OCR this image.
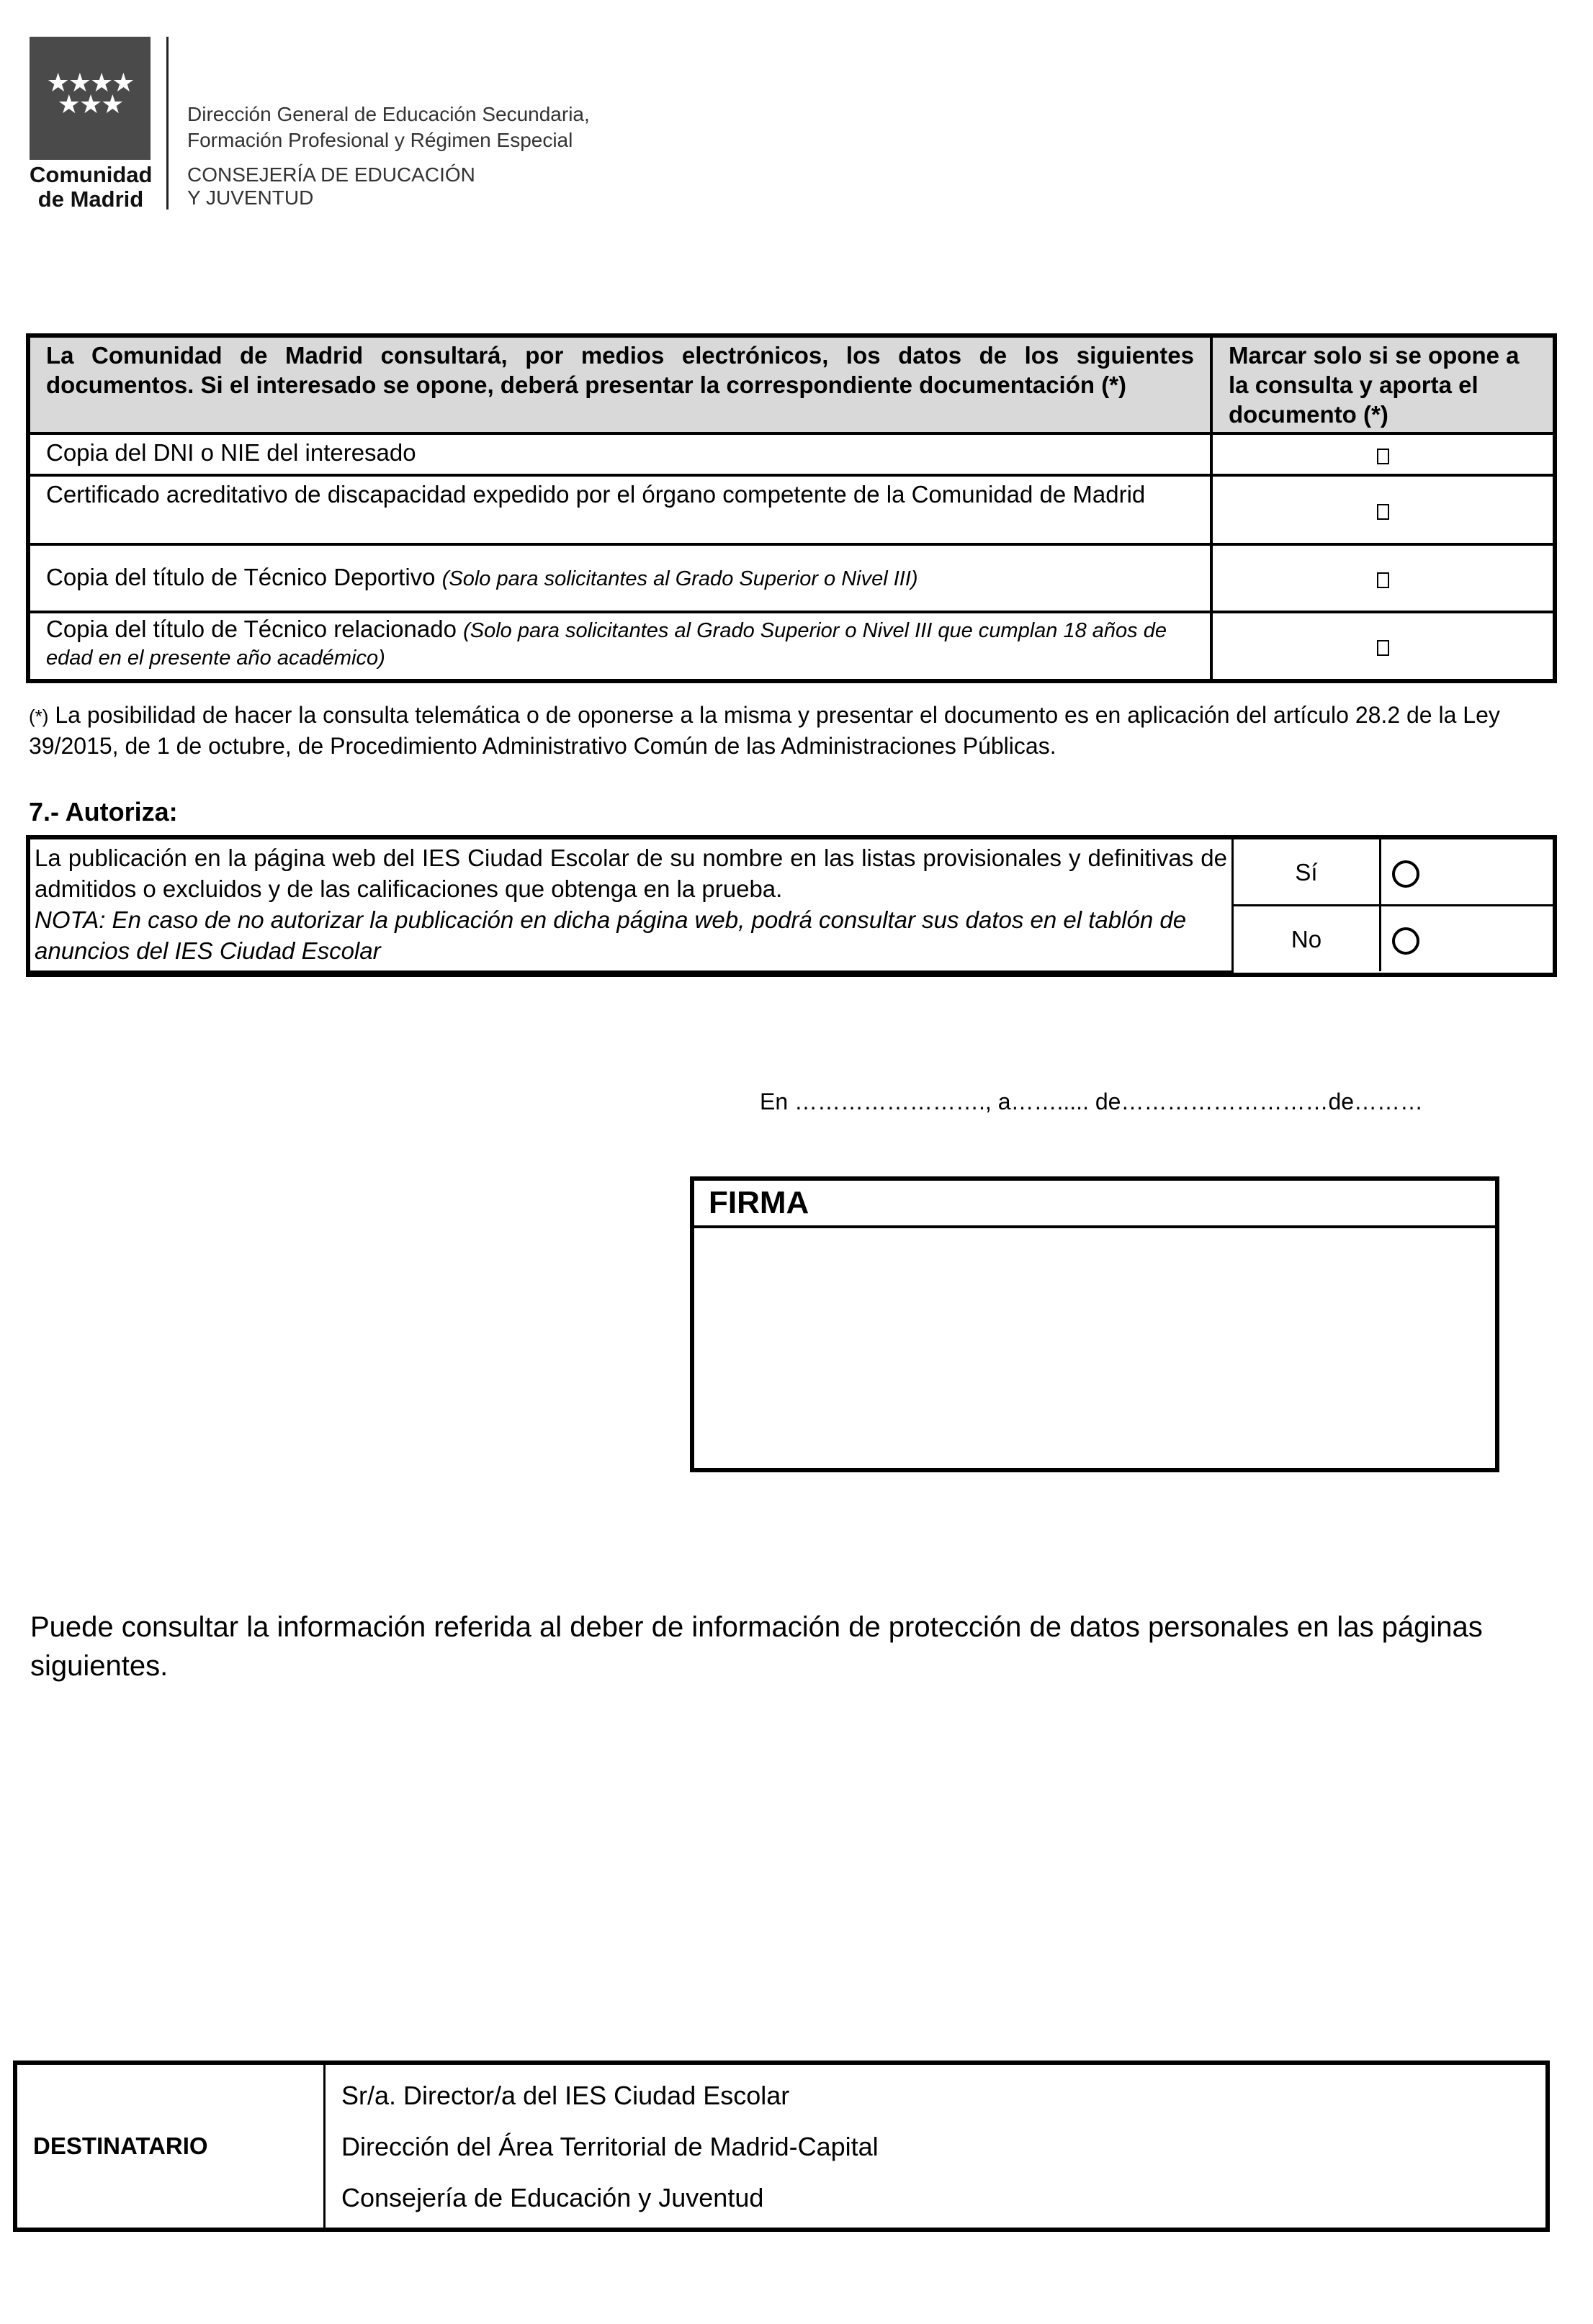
★★★★
★★★
Comunidad
de Madrid
Dirección General de Educación Secundaria,
Formación Profesional y Régimen Especial
CONSEJERÍA DE EDUCACIÓN
Y JUVENTUD
La Comunidad de Madrid consultará, por medios electrónicos, los datos de los siguientes documentos. Si el interesado se opone, deberá presentar la correspondiente documentación (*)	Marcar solo si se opone a la consulta y aporta el documento (*)
Copia del DNI o NIE del interesado	
Certificado acreditativo de discapacidad expedido por el órgano competente de la Comunidad de Madrid	
Copia del título de Técnico Deportivo (Solo para solicitantes al Grado Superior o Nivel III)	
Copia del título de Técnico relacionado (Solo para solicitantes al Grado Superior o Nivel III que cumplan 18 años de edad en el presente año académico)	
(*) La posibilidad de hacer la consulta telemática o de oponerse a la misma y presentar el documento es en aplicación del artículo 28.2 de la Ley 39/2015, de 1 de octubre, de Procedimiento Administrativo Común de las Administraciones Públicas.
7.- Autoriza:
La publicación en la página web del IES Ciudad Escolar de su nombre en las listas provisionales y definitivas de admitidos o excluidos y de las calificaciones que obtenga en la prueba.
NOTA: En caso de no autorizar la publicación en dicha página web, podrá consultar sus datos en el tablón de anuncios del IES Ciudad Escolar	Sí	
	No	
En ……………………., a……..... de………………………de………
FIRMA
Puede consultar la información referida al deber de información de protección de datos personales en las páginas siguientes.
DESTINATARIO	
Sr/a. Director/a del IES Ciudad Escolar
Dirección del Área Territorial de Madrid-Capital
Consejería de Educación y Juventud
